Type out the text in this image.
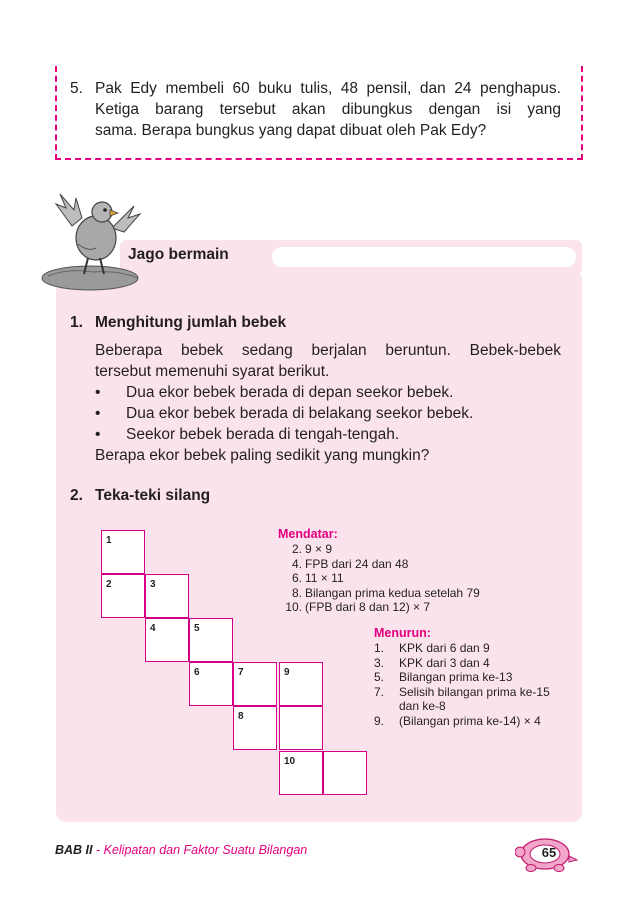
5. Pak Edy membeli 60 buku tulis, 48 pensil, dan 24 penghapus.
Ketiga barang tersebut akan dibungkus dengan isi yang
sama. Berapa bungkus yang dapat dibuat oleh Pak Edy?
Jago bermain
1. Menghitung jumlah bebek
Beberapa bebek sedang berjalan beruntun. Bebek-bebek
tersebut memenuhi syarat berikut.
• Dua ekor bebek berada di depan seekor bebek.
• Dua ekor bebek berada di belakang seekor bebek.
• Seekor bebek berada di tengah-tengah.
Berapa ekor bebek paling sedikit yang mungkin?
2. Teka-teki silang
1
2	3
4	5
6	7	9
8
10
Mendatar:
2. 9 × 9
4. FPB dari 24 dan 48
6. 11 × 11
8. Bilangan prima kedua setelah 79
10. (FPB dari 8 dan 12) × 7
Menurun:
1. KPK dari 6 dan 9
3. KPK dari 3 dan 4
5. Bilangan prima ke-13
7. Selisih bilangan prima ke-15
dan ke-8
9. (Bilangan prima ke-14) × 4
BAB II - Kelipatan dan Faktor Suatu Bilangan	65
